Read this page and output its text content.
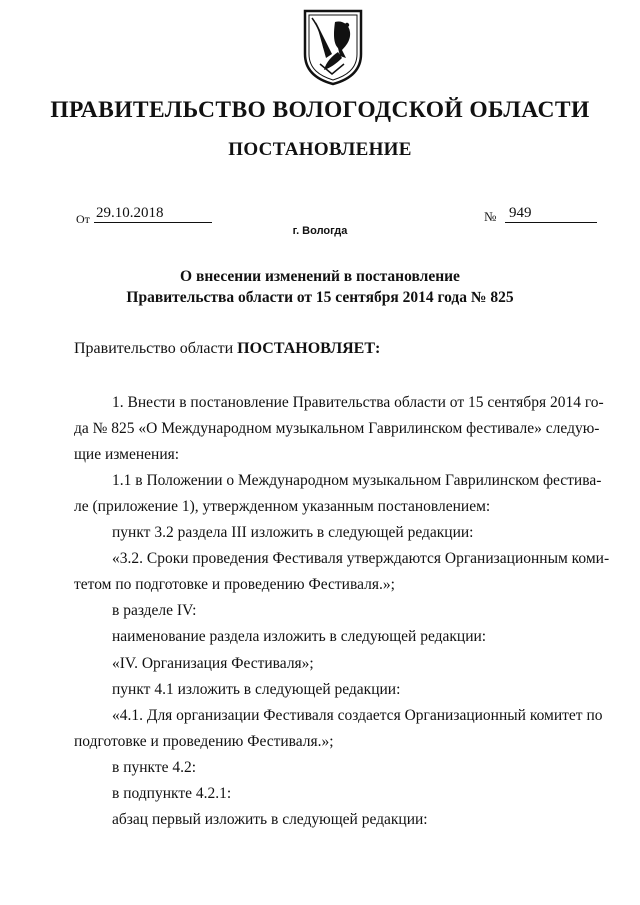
ПРАВИТЕЛЬСТВО ВОЛОГОДСКОЙ ОБЛАСТИ
ПОСТАНОВЛЕНИЕ
От 29.10.2018	№ 949
г. Вологда
О внесении изменений в постановление
Правительства области от 15 сентября 2014 года № 825
Правительство области ПОСТАНОВЛЯЕТ:
1. Внести в постановление Правительства области от 15 сентября 2014 го-
да № 825 «О Международном музыкальном Гаврилинском фестивале» следую-
щие изменения:
1.1 в Положении о Международном музыкальном Гаврилинском фестива-
ле (приложение 1), утвержденном указанным постановлением:
пункт 3.2 раздела III изложить в следующей редакции:
«3.2. Сроки проведения Фестиваля утверждаются Организационным коми-
тетом по подготовке и проведению Фестиваля.»;
в разделе IV:
наименование раздела изложить в следующей редакции:
«IV. Организация Фестиваля»;
пункт 4.1 изложить в следующей редакции:
«4.1. Для организации Фестиваля создается Организационный комитет по
подготовке и проведению Фестиваля.»;
в пункте 4.2:
в подпункте 4.2.1:
абзац первый изложить в следующей редакции:
